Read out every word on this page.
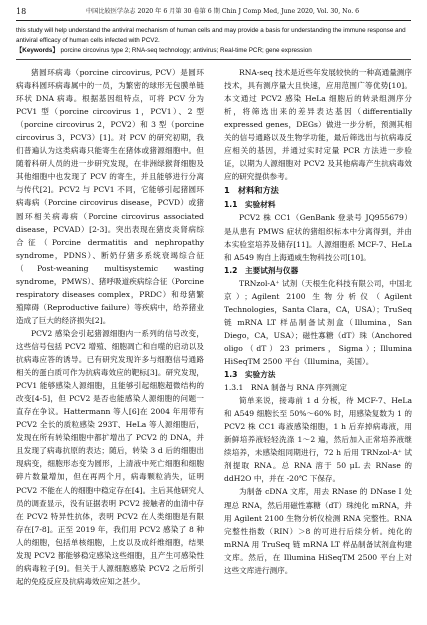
18	中国比较医学杂志 2020 年 6 月第 30 卷第 6 期 Chin J Comp Med, June 2020, Vol. 30, No. 6
this study will help understand the antiviral mechanism of human cells and may provide a basis for understanding the immune response and antiviral efficacy of human cells infected with PCV2.
【Keywords】 porcine circovirus type 2; RNA-seq technology; antivirus; Real-time PCR; gene expression

猪圆环病毒（porcine circovirus, PCV）是圆环病毒科圆环病毒属中的一员，为繁密的球形无包膜单链环状 DNA 病毒。根据基因组特点，可将 PCV 分为 PCV1 型（porcine circovirus 1，PCV1）、2 型（porcine circovirus 2，PCV2）和 3 型（porcine circovirus 3，PCV3）[1]。对 PCV 的研究初期，我们普遍认为这类病毒只能寄生在猪体或猪源细胞中。但随着科研人员的进一步研究发现，在非洲绿猴肾细胞及其他细胞中也发现了 PCV 的寄生，并且能够进行分离与传代[2]。PCV2 与 PCV1 不同，它能够引起猪圆环病毒病（Porcine circovirus disease，PCVD）或猪圆环相关病毒病（Porcine circovirus associated disease，PCVAD）[2-3]。突出表现在猪皮炎肾病综合征（Porcine dermatitis and nephropathy syndrome，PDNS）、断奶仔猪多系统衰竭综合征（Post-weaning multisystemic wasting syndrome，PMWS）、猪呼吸道疾病综合征（Porcine respiratory diseases complex，PRDC）和母猪繁殖障碍（Reproductive failure）等疾病中，给养猪业造成了巨大的经济损失[2]。

PCV2 感染会引起猪源细胞内一系列的信号改变，这些信号包括 PCV2 增殖、细胞凋亡和自噬的启动以及抗病毒应答的诱导。已有研究发现许多与细胞信号通路相关的蛋白质可作为抗病毒效应的靶标[3]。研究发现，PCV1 能够感染人源细胞，且能够引起细胞超微结构的改变[4-5]，但 PCV2 是否也能感染人源细胞的问题一直存在争议。Hattermann 等人[6]在 2004 年用带有 PCV2 全长的质粒感染 293T、HeLa 等人源细胞后，发现在所有转染细胞中都扩增出了 PCV2 的 DNA，并且发现了病毒抗原的表达；随后，转染 3 d 后的细胞出现病变，细胞形态变为圆形，上清液中死亡细胞和细胞碎片数量增加，但在再两个月，病毒颗粒消失，证明 PCV2 不能在人的细胞中稳定存在[4]。主后其他研究人员的调查显示，没有证据表明 PCV2 接触者的血清中存在 PCV2 特异性抗体，表明 PCV2 在人类细胞是有限存在[7-8]。正至 2019 年，我们用 PCV2 感染了 8 种人的细胞，包括单核细胞，上皮以及成纤维细胞，结果发现 PCV2 都能够稳定感染这些细胞，且产生可感染性的病毒粒子[9]。但关于人源细胞感染 PCV2 之后所引起的免疫反应及抗病毒效应知之甚少。

RNA-seq 技术是近些年发展较快的一种高通量测序技术，具有测序量大且快速，应用范围广等优势[10]。本文通过 PCV2 感染 HeLa 细胞后的转录组测序分析，将筛选出来的差异表达基因（differentially expressed genes，DEGs）做进一步分析，预测其相关的信号通路以及生物学功能，最后筛选出与抗病毒反应相关的基因，并通过实时定量 PCR 方法进一步验证，以期为人源细胞对 PCV2 及其他病毒产生抗病毒效应的研究提供参考。

1　材料和方法
1.1　实验材料

PCV2 株 CC1（GenBank 登录号 JQ955679）是从患有 PMWS 症状的猪组织标本中分离得到，并由本实验室培养及储存[11]。人源细胞系 MCF-7、HeLa 和 A549 购自上海通威生物科技公司[10]。

1.2　主要试剂与仪器

TRNzol-A⁺ 试剂（天根生化科技有限公司，中国北京）；Agilent 2100 生物分析仪（Agilent Technologies，Santa Clara，CA，USA）；TruSeq 链 mRNA LT 样品制备试剂盒（Illumina，San Diego，CA，USA）；磁性寡糖（dT）珠（Anchored oligo（dT）23 primers，Sigma）；Illumina HiSeqTM 2500 平台（Illumina，美国）。

1.3　实验方法
1.3.1　RNA 制备与 RNA 序列测定

简单来说，接毒前 1 d 分板，待 MCF-7、HeLa 和 A549 细胞长至 50%～60% 时，用感染复数为 1 的 PCV2 株 CC1 毒液感染细胞，1 h 后弃掉病毒液，用新鲜培养液轻轻洗涤 1～2 遍，然后加入正常培养液继续培养，未感染组同期进行，72 h 后用 TRNzol-A⁺ 试剂提取 RNA。总 RNA 溶于 50 μL 去 RNase 的 ddH2O 中，并在 -20℃ 下保存。

为制备 cDNA 文库，用去 RNase 的 DNase Ⅰ 处理总 RNA，然后用磁性寡糖（dT）珠纯化 mRNA，并用 Agilent 2100 生物分析仪检测 RNA 完整性。RNA 完整性指数（RIN）＞8 的可进行后续分析。纯化的 mRNA 用 TruSeq 链 mRNA LT 样品制备试剂盒构建文库。然后，在 Illumina HiSeqTM 2500 平台上对这些文库进行测序。
